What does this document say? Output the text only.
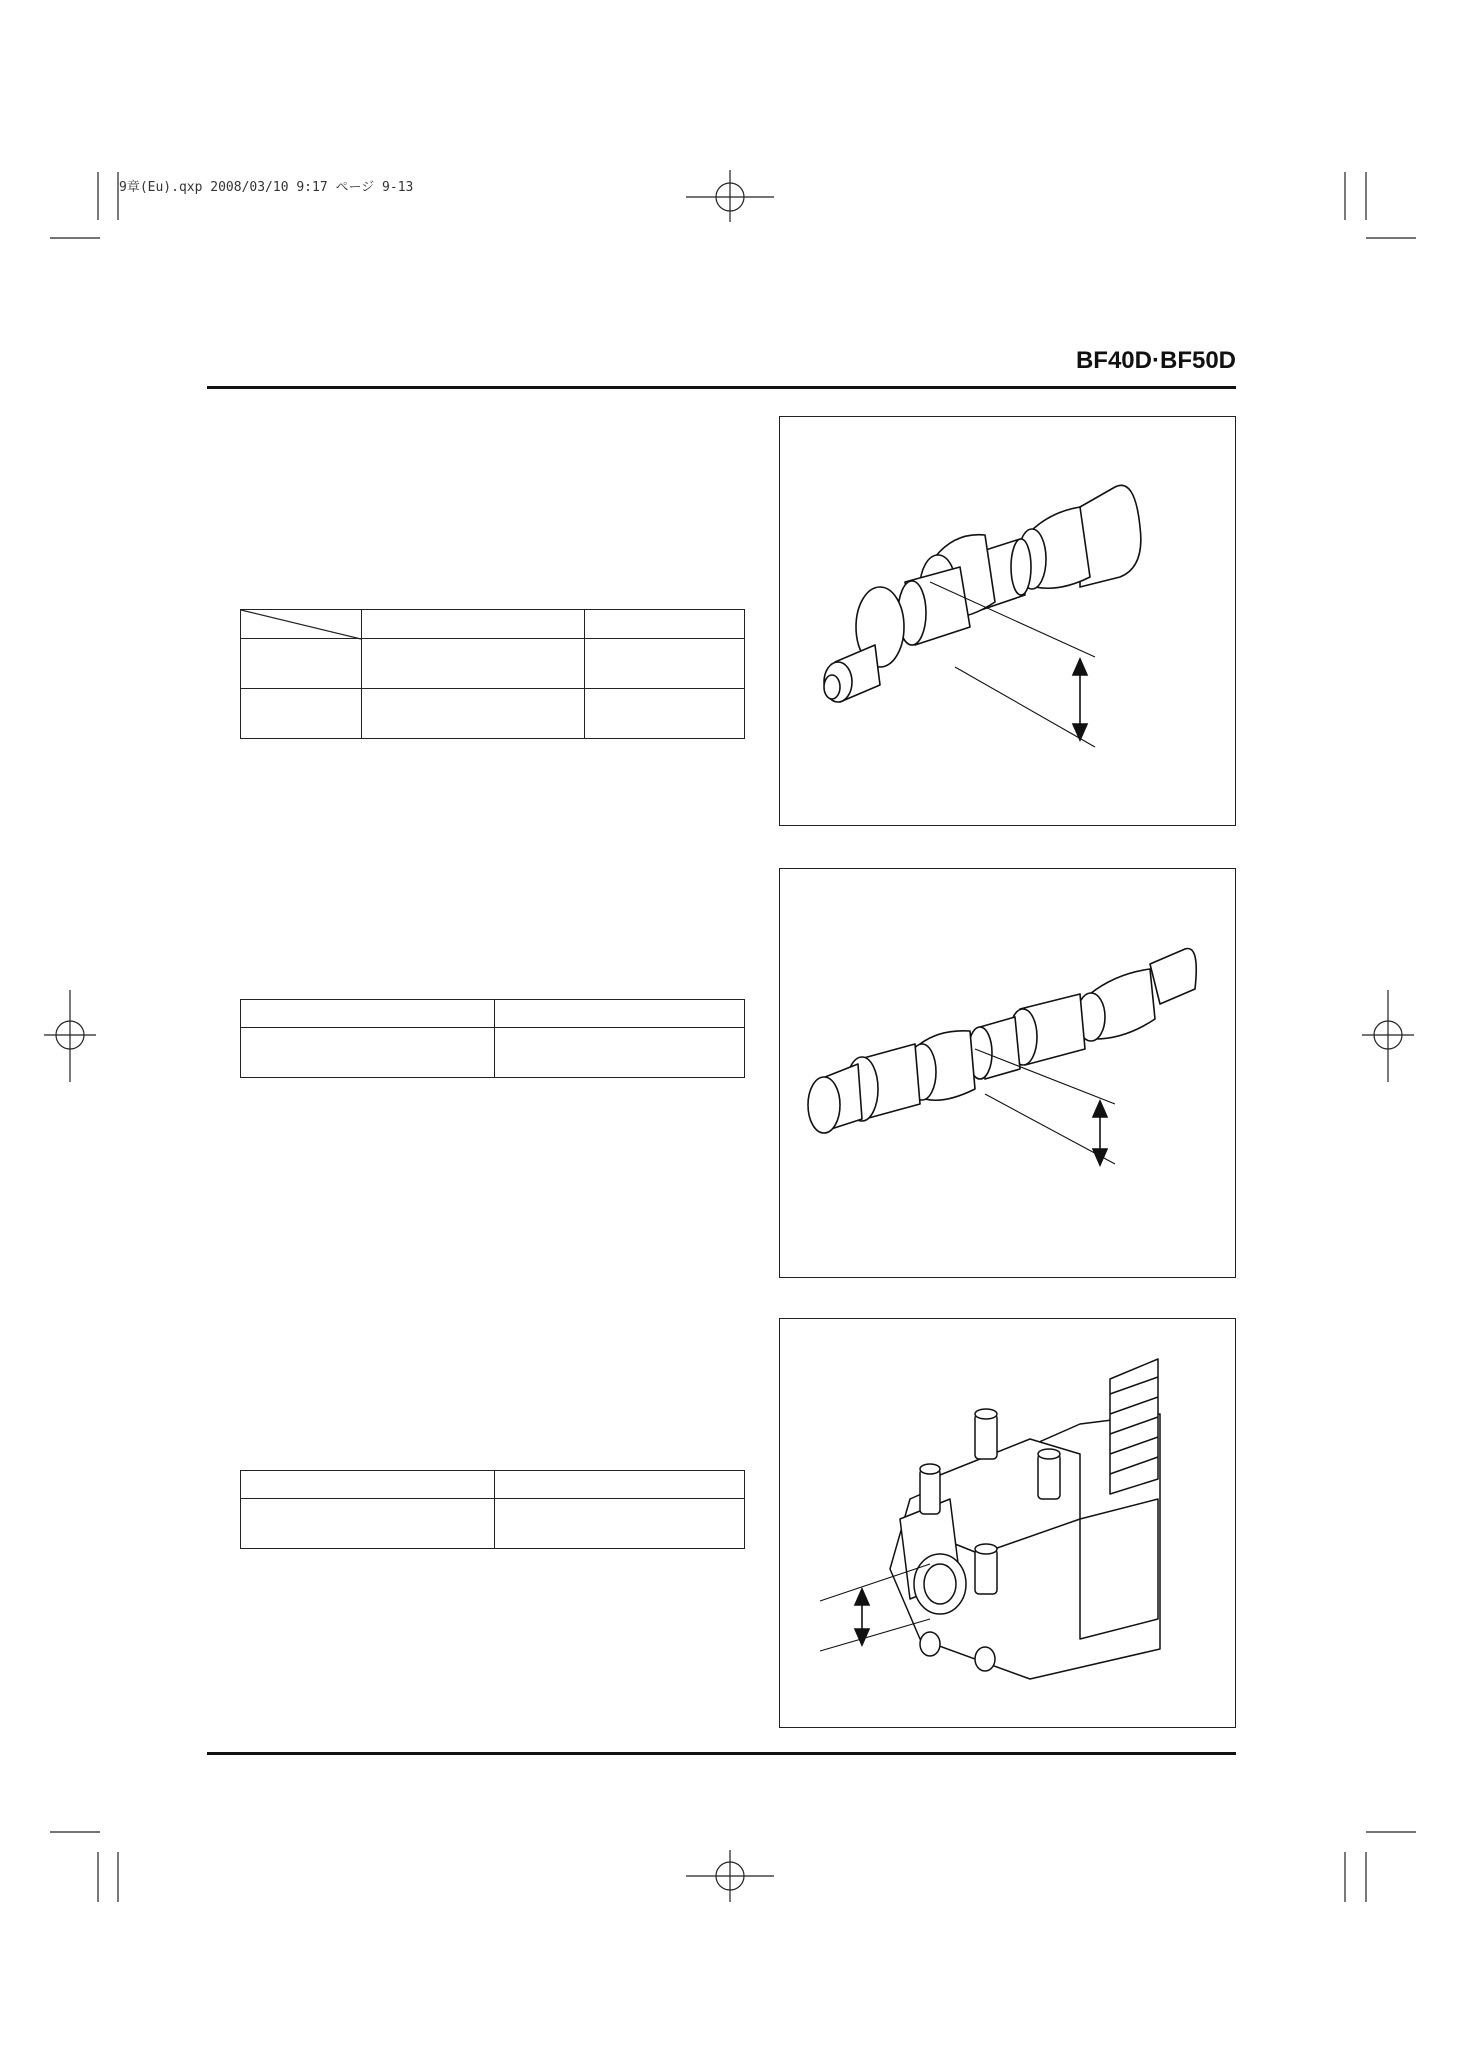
9章(Eu).qxp 2008/03/10 9:17 ページ 9-13
BF40D·BF50D
